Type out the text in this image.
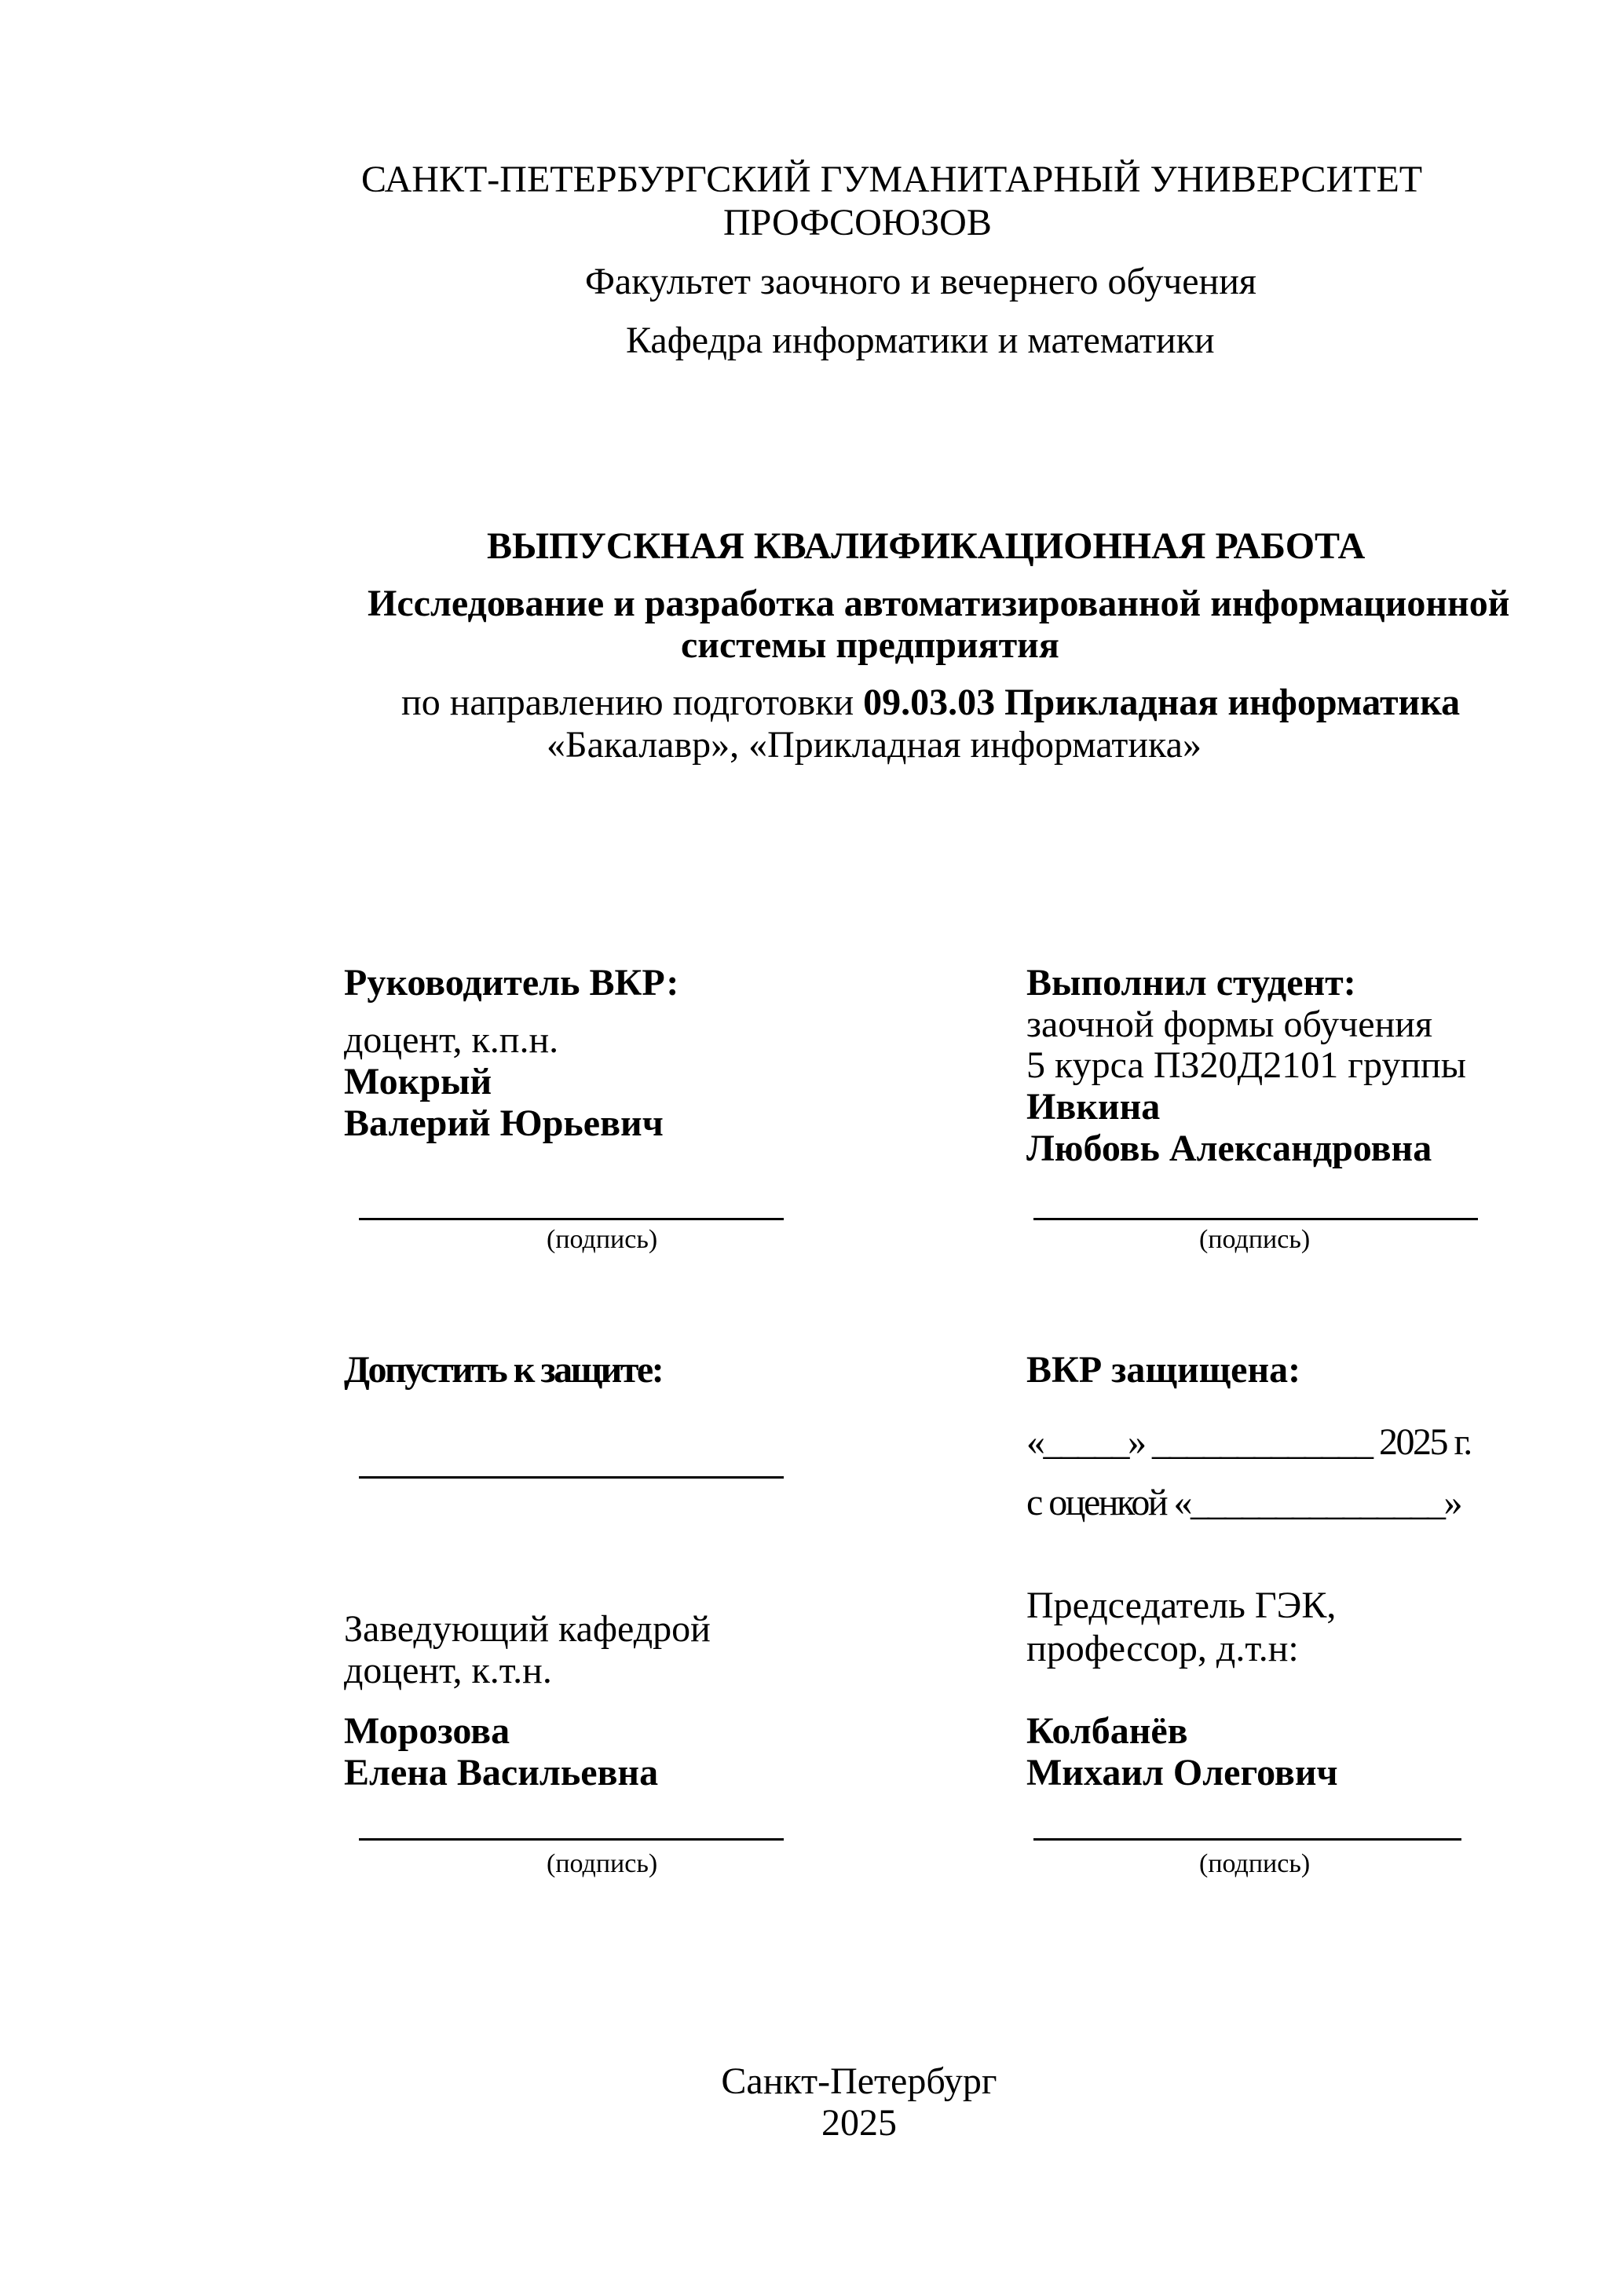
САНКТ-ПЕТЕРБУРГСКИЙ ГУМАНИТАРНЫЙ УНИВЕРСИТЕТ
ПРОФСОЮЗОВ
Факультет заочного и вечернего обучения
Кафедра информатики и математики
ВЫПУСКНАЯ КВАЛИФИКАЦИОННАЯ РАБОТА
Исследование и разработка автоматизированной информационной
системы предприятия
по направлению подготовки 09.03.03 Прикладная информатика
«Бакалавр», «Прикладная информатика»
Руководитель ВКР:
доцент, к.п.н.
Мокрый
Валерий Юрьевич
(подпись)
Выполнил студент:
заочной формы обучения
5 курса ПЗ20Д2101 группы
Ивкина
Любовь Александровна
(подпись)
Допустить к защите:	ВКР защищена:
«_____» _____________ 2025 г.
с оценкой «_______________»
Заведующий кафедрой
доцент, к.т.н.
Морозова
Елена Васильевна
(подпись)
Председатель ГЭК,
профессор, д.т.н:
Колбанёв
Михаил Олегович
(подпись)
Санкт-Петербург
2025
